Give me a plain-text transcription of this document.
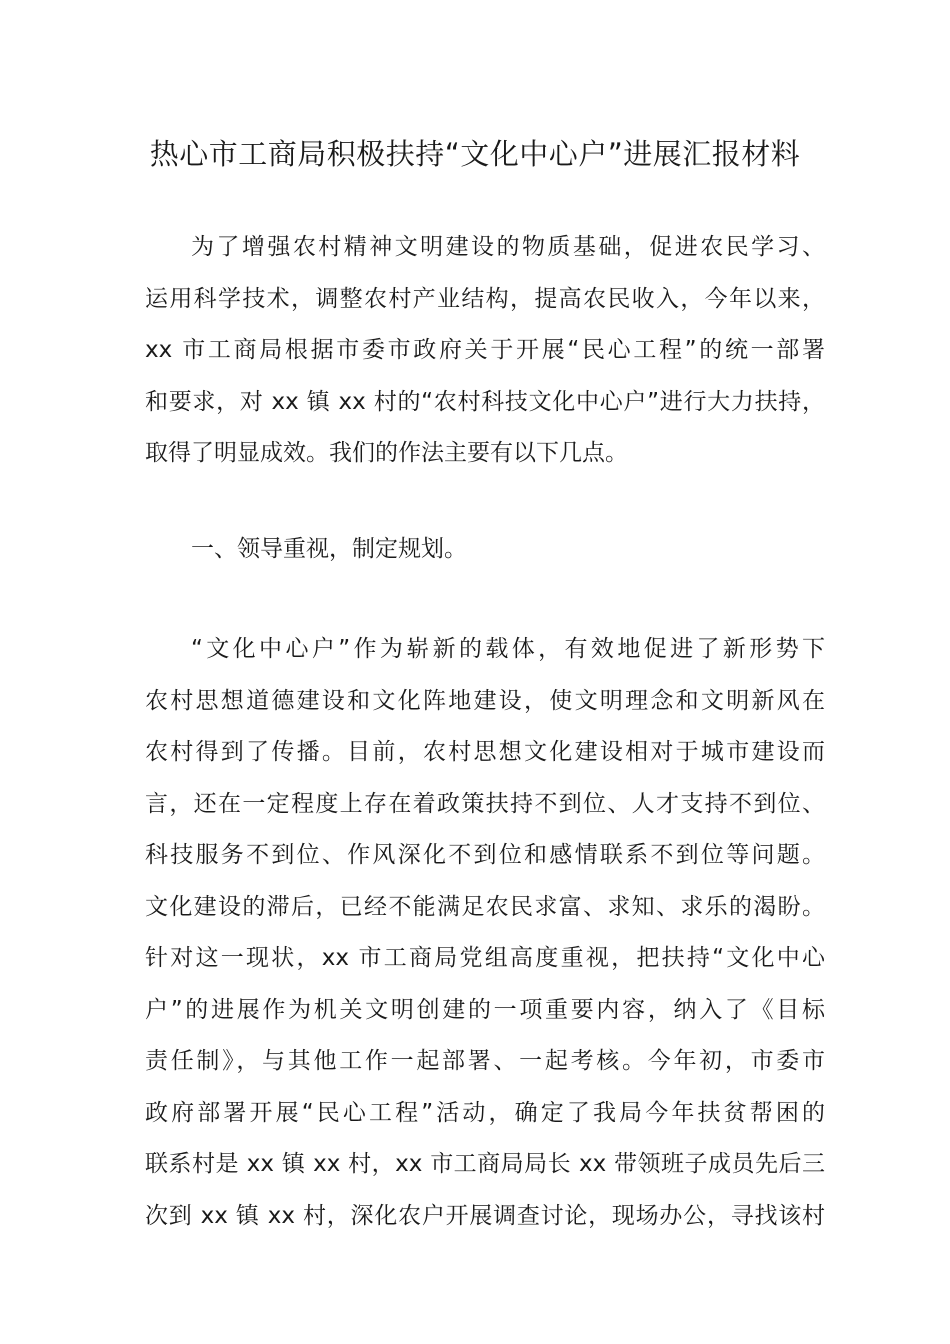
热心市工商局积极扶持“文化中心户”进展汇报材料
为了增强农村精神文明建设的物质基础，促进农民学习、
运用科学技术，调整农村产业结构，提高农民收入，今年以来，
xx 市工商局根据市委市政府关于开展“民心工程”的统一部署
和要求，对 xx 镇 xx 村的“农村科技文化中心户”进行大力扶持，
取得了明显成效。我们的作法主要有以下几点。
一、领导重视，制定规划。
“文化中心户”作为崭新的载体，有效地促进了新形势下
农村思想道德建设和文化阵地建设，使文明理念和文明新风在
农村得到了传播。目前，农村思想文化建设相对于城市建设而
言，还在一定程度上存在着政策扶持不到位、人才支持不到位、
科技服务不到位、作风深化不到位和感情联系不到位等问题。
文化建设的滞后，已经不能满足农民求富、求知、求乐的渴盼。
针对这一现状，xx 市工商局党组高度重视，把扶持“文化中心
户”的进展作为机关文明创建的一项重要内容，纳入了《目标
责任制》，与其他工作一起部署、一起考核。今年初，市委市
政府部署开展“民心工程”活动，确定了我局今年扶贫帮困的
联系村是 xx 镇 xx 村，xx 市工商局局长 xx 带领班子成员先后三
次到 xx 镇 xx 村，深化农户开展调查讨论，现场办公，寻找该村
